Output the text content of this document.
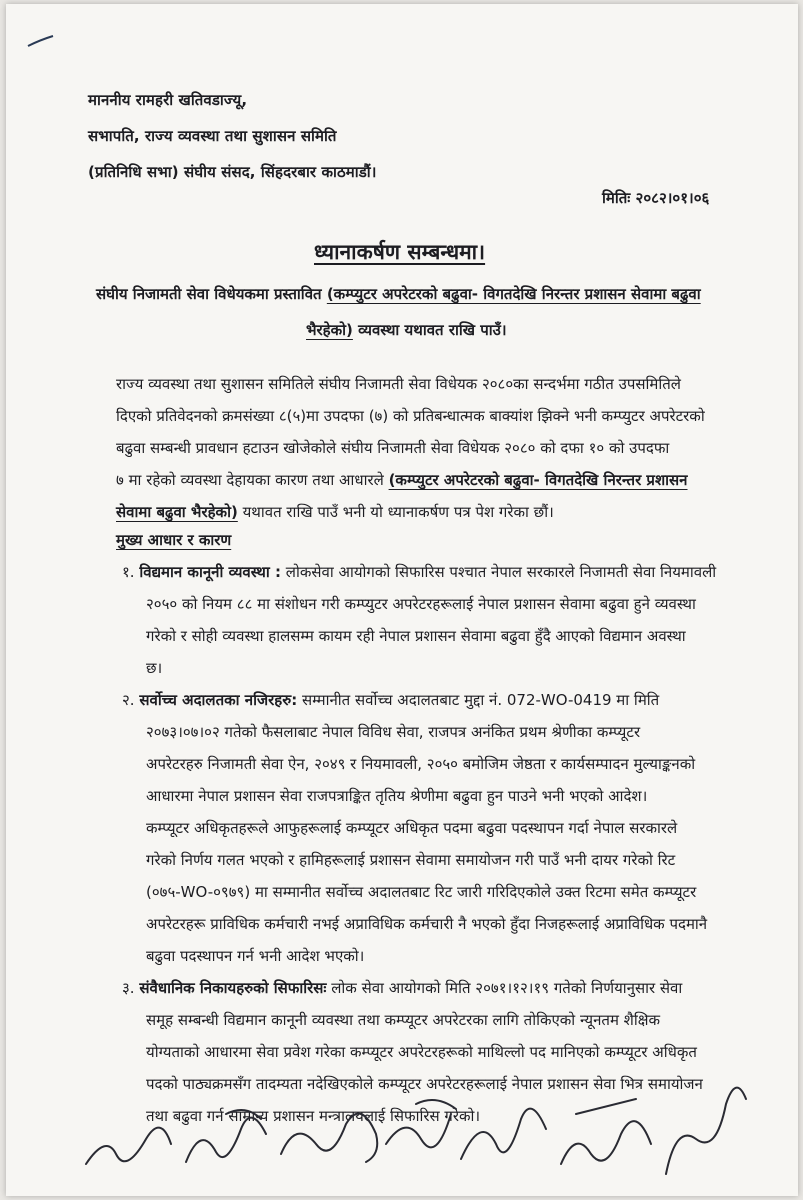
माननीय रामहरी खतिवडाज्यू,
सभापति, राज्य व्यवस्था तथा सुशासन समिति
(प्रतिनिधि सभा) संघीय संसद, सिंहदरबार काठमाडौं।
मितिः २०८२।०१।०६
ध्यानाकर्षण सम्बन्धमा।
संघीय निजामती सेवा विधेयकमा प्रस्तावित (कम्प्युटर अपरेटरको बढुवा- विगतदेखि निरन्तर प्रशासन सेवामा बढुवा
भैरहेको) व्यवस्था यथावत राखि पाउँ।
राज्य व्यवस्था तथा सुशासन समितिले संघीय निजामती सेवा विधेयक २०८०का सन्दर्भमा गठीत उपसमितिले
दिएको प्रतिवेदनको क्रमसंख्या ८(५)मा उपदफा (७) को प्रतिबन्धात्मक बाक्यांश झिक्ने भनी कम्प्युटर अपरेटरको
बढुवा सम्बन्धी प्रावधान हटाउन खोजेकोले संघीय निजामती सेवा विधेयक २०८० को दफा १० को उपदफा
७ मा रहेको व्यवस्था देहायका कारण तथा आधारले (कम्प्युटर अपरेटरको बढुवा- विगतदेखि निरन्तर प्रशासन
सेवामा बढुवा भैरहेको) यथावत राखि पाउँ भनी यो ध्यानाकर्षण पत्र पेश गरेका छौं।
मुख्य आधार र कारण
१. विद्यमान कानूनी व्यवस्था : लोकसेवा आयोगको सिफारिस पश्चात नेपाल सरकारले निजामती सेवा नियमावली
२०५० को नियम ८८ मा संशोधन गरी कम्प्युटर अपरेटरहरूलाई नेपाल प्रशासन सेवामा बढुवा हुने व्यवस्था
गरेको र सोही व्यवस्था हालसम्म कायम रही नेपाल प्रशासन सेवामा बढुवा हुँदै आएको विद्यमान अवस्था
छ।
२. सर्वोच्च अदालतका नजिरहरु: सम्मानीत सर्वोच्च अदालतबाट मुद्दा नं. 072-WO-0419 मा मिति
२०७३।०७।०२ गतेको फैसलाबाट नेपाल विविध सेवा, राजपत्र अनंकित प्रथम श्रेणीका कम्प्यूटर
अपरेटरहरु निजामती सेवा ऐन, २०४९ र नियमावली, २०५० बमोजिम जेष्ठता र कार्यसम्पादन मुल्याङ्कनको
आधारमा नेपाल प्रशासन सेवा राजपत्राङ्कित तृतिय श्रेणीमा बढुवा हुन पाउने भनी भएको आदेश।
कम्प्यूटर अधिकृतहरूले आफुहरूलाई कम्प्यूटर अधिकृत पदमा बढुवा पदस्थापन गर्दा नेपाल सरकारले
गरेको निर्णय गलत भएको र हामिहरूलाई प्रशासन सेवामा समायोजन गरी पाउँ भनी दायर गरेको रिट
(०७५-WO-०९७९) मा सम्मानीत सर्वोच्च अदालतबाट रिट जारी गरिदिएकोले उक्त रिटमा समेत कम्प्यूटर
अपरेटरहरू प्राविधिक कर्मचारी नभई अप्राविधिक कर्मचारी नै भएको हुँदा निजहरूलाई अप्राविधिक पदमानै
बढुवा पदस्थापन गर्न भनी आदेश भएको।
३. संवैधानिक निकायहरुको सिफारिसः लोक सेवा आयोगको मिति २०७१।१२।१९ गतेको निर्णयानुसार सेवा
समूह सम्बन्धी विद्यमान कानूनी व्यवस्था तथा कम्प्यूटर अपरेटरका लागि तोकिएको न्यूनतम शैक्षिक
योग्यताको आधारमा सेवा प्रवेश गरेका कम्प्यूटर अपरेटरहरूको माथिल्लो पद मानिएको कम्प्यूटर अधिकृत
पदको पाठ्यक्रमसँग तादम्यता नदेखिएकोले कम्प्यूटर अपरेटरहरूलाई नेपाल प्रशासन सेवा भित्र समायोजन
तथा बढुवा गर्न सामान्य प्रशासन मन्त्रालयलाई सिफारिस गरेको।
